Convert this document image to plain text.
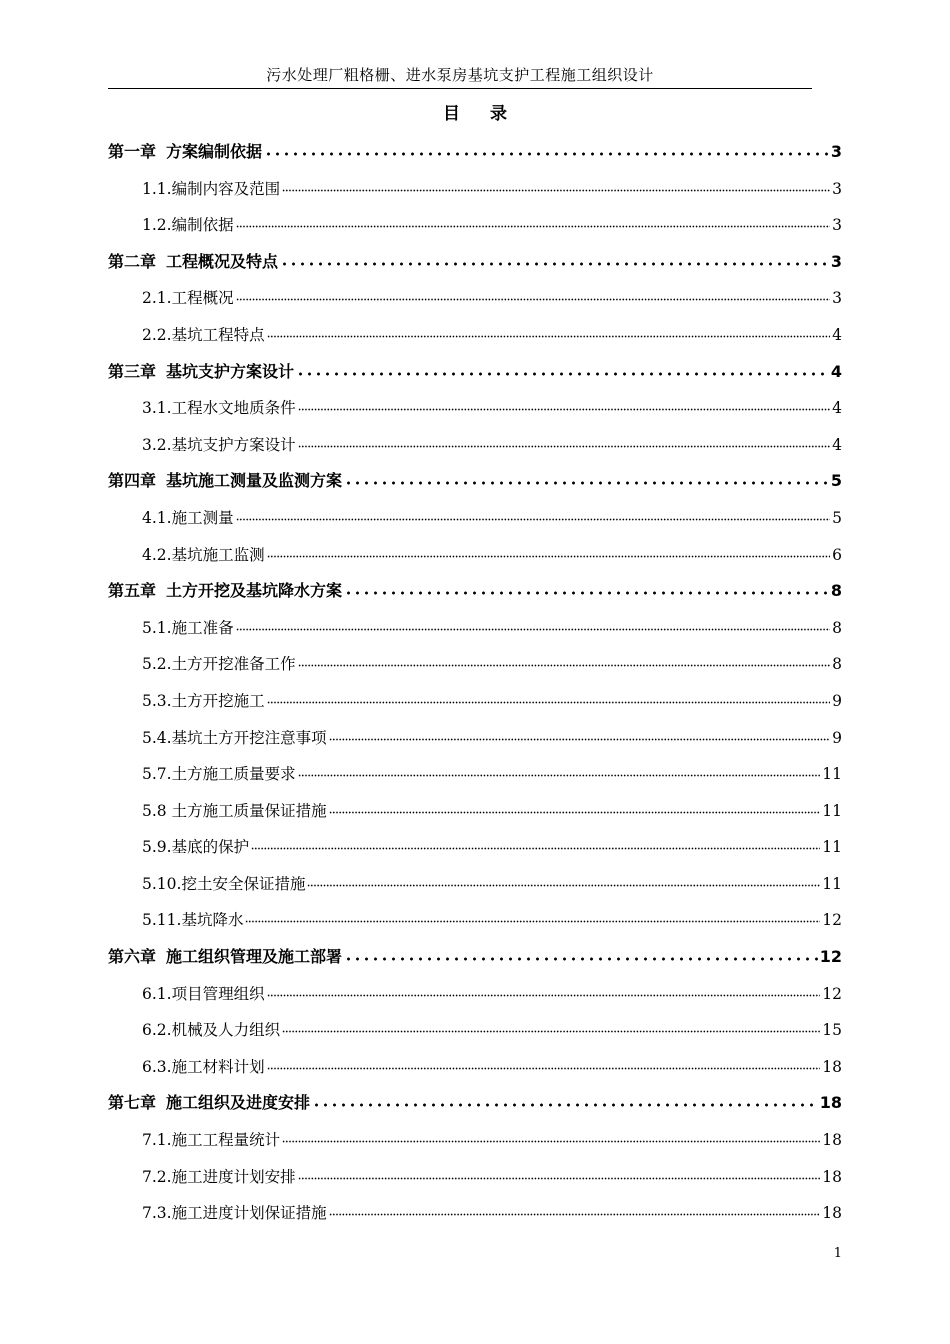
污水处理厂粗格栅、进水泵房基坑支护工程施工组织设计
目 录
第一章 方案编制依据	3
1.1.编制内容及范围	3
1.2.编制依据	3
第二章 工程概况及特点	3
2.1.工程概况	3
2.2.基坑工程特点	4
第三章 基坑支护方案设计	4
3.1.工程水文地质条件	4
3.2.基坑支护方案设计	4
第四章 基坑施工测量及监测方案	5
4.1.施工测量	5
4.2.基坑施工监测	6
第五章 土方开挖及基坑降水方案	8
5.1.施工准备	8
5.2.土方开挖准备工作	8
5.3.土方开挖施工	9
5.4.基坑土方开挖注意事项	9
5.7.土方施工质量要求	11
5.8 土方施工质量保证措施	11
5.9.基底的保护	11
5.10.挖土安全保证措施	11
5.11.基坑降水	12
第六章 施工组织管理及施工部署	12
6.1.项目管理组织	12
6.2.机械及人力组织	15
6.3.施工材料计划	18
第七章 施工组织及进度安排	18
7.1.施工工程量统计	18
7.2.施工进度计划安排	18
7.3.施工进度计划保证措施	18
1
